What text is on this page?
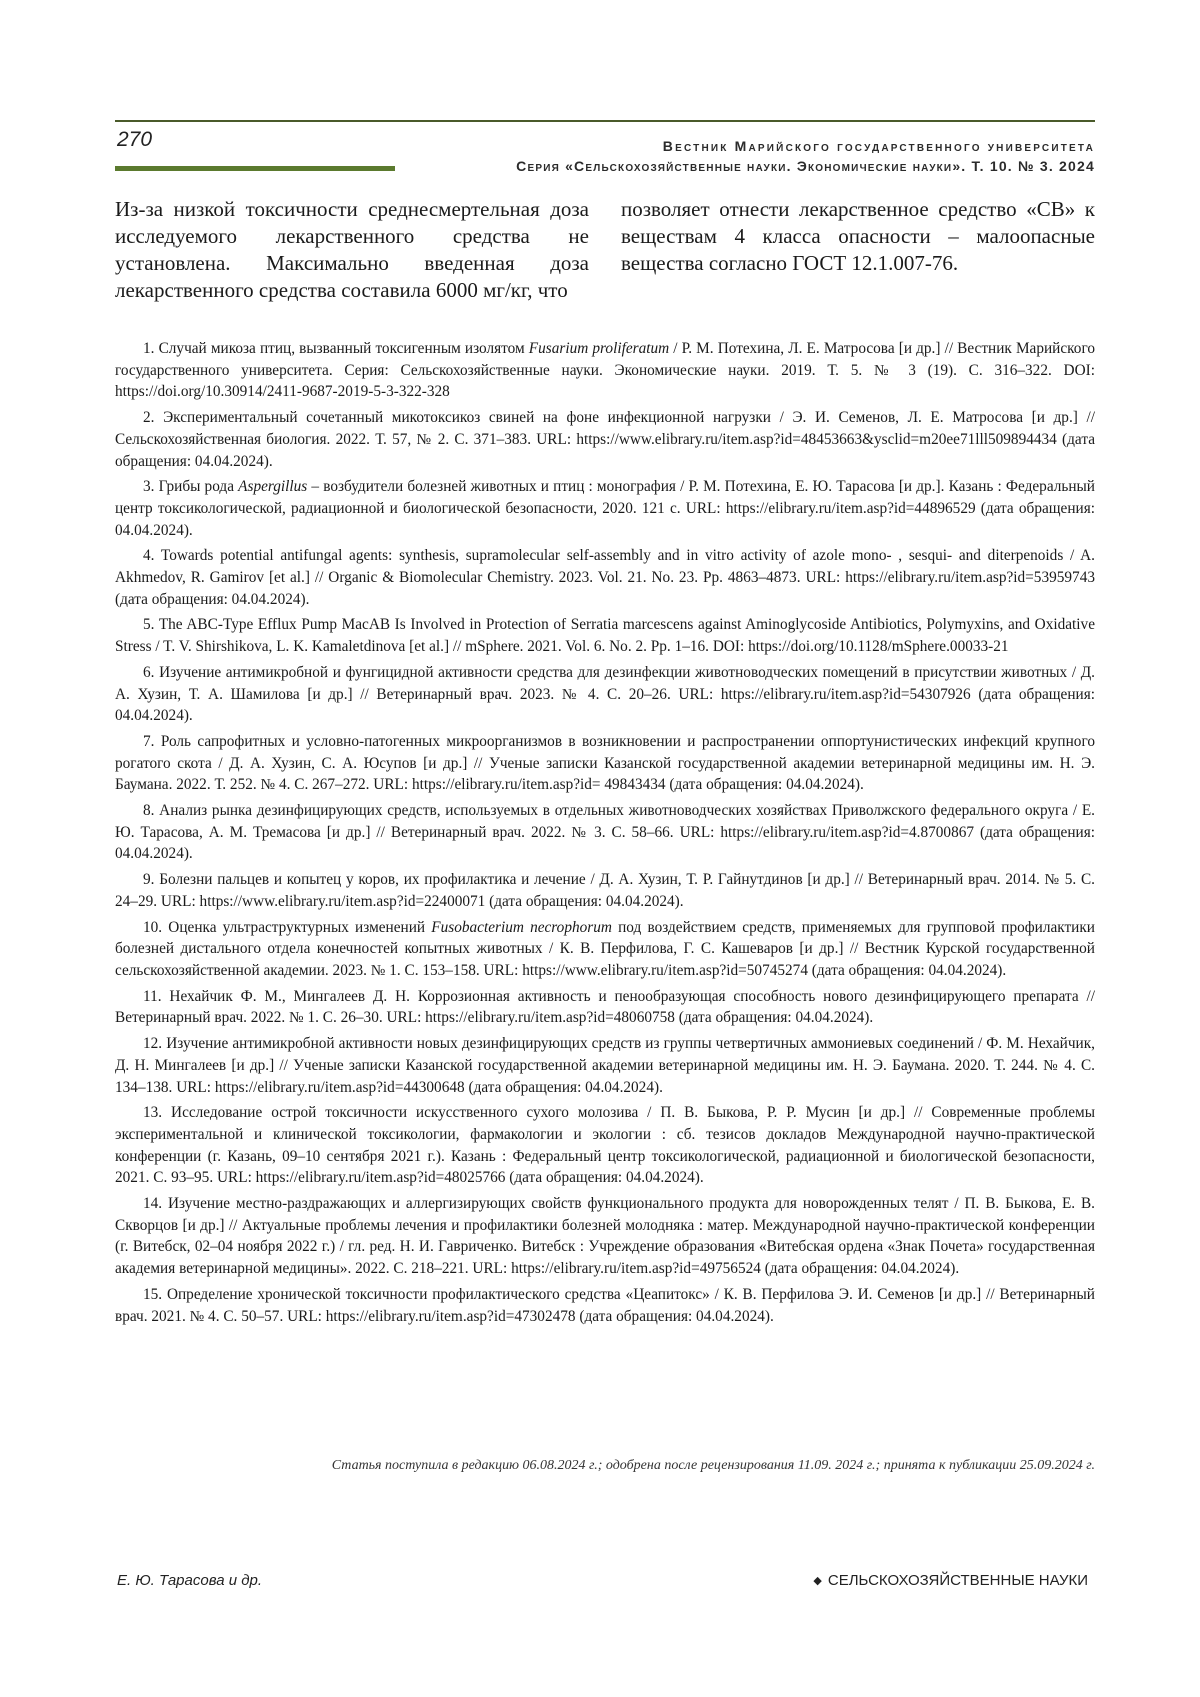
270	Вестник Марийского государственного университета
Серия «Сельскохозяйственные науки. Экономические науки». Т. 10. № 3. 2024
Из-за низкой токсичности среднесмертельная доза исследуемого лекарственного средства не установлена. Максимально введенная доза лекарственного средства составила 6000 мг/кг, что
позволяет отнести лекарственное средство «СВ» к веществам 4 класса опасности – малоопасные вещества согласно ГОСТ 12.1.007-76.

1. Случай микоза птиц, вызванный токсигенным изолятом Fusarium proliferatum / Р. М. Потехина, Л. Е. Матросова [и др.] // Вестник Марийского государственного университета. Серия: Сельскохозяйственные науки. Экономические науки. 2019. Т. 5. № 3 (19). С. 316–322. DOI: https://doi.org/10.30914/2411-9687-2019-5-3-322-328

2. Экспериментальный сочетанный микотоксикоз свиней на фоне инфекционной нагрузки / Э. И. Семенов, Л. Е. Матросова [и др.] // Сельскохозяйственная биология. 2022. Т. 57, № 2. С. 371–383. URL: https://www.elibrary.ru/item.asp?id=48453663&ysclid=m20ee71lll509894434 (дата обращения: 04.04.2024).

3. Грибы рода Aspergillus – возбудители болезней животных и птиц : монография / Р. М. Потехина, Е. Ю. Тарасова [и др.]. Казань : Федеральный центр токсикологической, радиационной и биологической безопасности, 2020. 121 с. URL: https://elibrary.ru/item.asp?id=44896529 (дата обращения: 04.04.2024).

4. Towards potential antifungal agents: synthesis, supramolecular self-assembly and in vitro activity of azole mono- , sesqui- and diterpenoids / A. Akhmedov, R. Gamirov [et al.] // Organic & Biomolecular Chemistry. 2023. Vol. 21. No. 23. Pp. 4863–4873. URL: https://elibrary.ru/item.asp?id=53959743 (дата обращения: 04.04.2024).

5. The ABC-Type Efflux Pump MacAB Is Involved in Protection of Serratia marcescens against Aminoglycoside Antibiotics, Polymyxins, and Oxidative Stress / T. V. Shirshikova, L. K. Kamaletdinova [et al.] // mSphere. 2021. Vol. 6. No. 2. Pp. 1–16. DOI: https://doi.org/10.1128/mSphere.00033-21

6. Изучение антимикробной и фунгицидной активности средства для дезинфекции животноводческих помещений в присутствии животных / Д. А. Хузин, Т. А. Шамилова [и др.] // Ветеринарный врач. 2023. № 4. С. 20–26. URL: https://elibrary.ru/item.asp?id=54307926 (дата обращения: 04.04.2024).

7. Роль сапрофитных и условно-патогенных микроорганизмов в возникновении и распространении оппортунистических инфекций крупного рогатого скота / Д. А. Хузин, С. А. Юсупов [и др.] // Ученые записки Казанской государственной академии ветеринарной медицины им. Н. Э. Баумана. 2022. Т. 252. № 4. С. 267–272. URL: https://elibrary.ru/item.asp?id= 49843434 (дата обращения: 04.04.2024).

8. Анализ рынка дезинфицирующих средств, используемых в отдельных животноводческих хозяйствах Приволжского федерального округа / Е. Ю. Тарасова, А. М. Тремасова [и др.] // Ветеринарный врач. 2022. № 3. С. 58–66. URL: https://elibrary.ru/item.asp?id=4.8700867 (дата обращения: 04.04.2024).

9. Болезни пальцев и копытец у коров, их профилактика и лечение / Д. А. Хузин, Т. Р. Гайнутдинов [и др.] // Ветеринарный врач. 2014. № 5. С. 24–29. URL: https://www.elibrary.ru/item.asp?id=22400071 (дата обращения: 04.04.2024).

10. Оценка ультраструктурных изменений Fusobacterium necrophorum под воздействием средств, применяемых для групповой профилактики болезней дистального отдела конечностей копытных животных / К. В. Перфилова, Г. С. Кашеваров [и др.] // Вестник Курской государственной сельскохозяйственной академии. 2023. № 1. С. 153–158. URL: https://www.elibrary.ru/item.asp?id=50745274 (дата обращения: 04.04.2024).

11. Нехайчик Ф. М., Мингалеев Д. Н. Коррозионная активность и пенообразующая способность нового дезинфицирующего препарата // Ветеринарный врач. 2022. № 1. С. 26–30. URL: https://elibrary.ru/item.asp?id=48060758 (дата обращения: 04.04.2024).

12. Изучение антимикробной активности новых дезинфицирующих средств из группы четвертичных аммониевых соединений / Ф. М. Нехайчик, Д. Н. Мингалеев [и др.] // Ученые записки Казанской государственной академии ветеринарной медицины им. Н. Э. Баумана. 2020. Т. 244. № 4. С. 134–138. URL: https://elibrary.ru/item.asp?id=44300648 (дата обращения: 04.04.2024).

13. Исследование острой токсичности искусственного сухого молозива / П. В. Быкова, Р. Р. Мусин [и др.] // Современные проблемы экспериментальной и клинической токсикологии, фармакологии и экологии : сб. тезисов докладов Международной научно-практической конференции (г. Казань, 09–10 сентября 2021 г.). Казань : Федеральный центр токсикологической, радиационной и биологической безопасности, 2021. С. 93–95. URL: https://elibrary.ru/item.asp?id=48025766 (дата обращения: 04.04.2024).

14. Изучение местно-раздражающих и аллергизирующих свойств функционального продукта для новорожденных телят / П. В. Быкова, Е. В. Скворцов [и др.] // Актуальные проблемы лечения и профилактики болезней молодняка : матер. Международной научно-практической конференции (г. Витебск, 02–04 ноября 2022 г.) / гл. ред. Н. И. Гавриченко. Витебск : Учреждение образования «Витебская ордена «Знак Почета» государственная академия ветеринарной медицины». 2022. С. 218–221. URL: https://elibrary.ru/item.asp?id=49756524 (дата обращения: 04.04.2024).

15. Определение хронической токсичности профилактического средства «Цеапитокс» / К. В. Перфилова Э. И. Семенов [и др.] // Ветеринарный врач. 2021. № 4. С. 50–57. URL: https://elibrary.ru/item.asp?id=47302478 (дата обращения: 04.04.2024).

Статья поступила в редакцию 06.08.2024 г.; одобрена после рецензирования 11.09. 2024 г.; принята к публикации 25.09.2024 г.
Е. Ю. Тарасова и др.	◆ СЕЛЬСКОХОЗЯЙСТВЕННЫЕ НАУКИ
